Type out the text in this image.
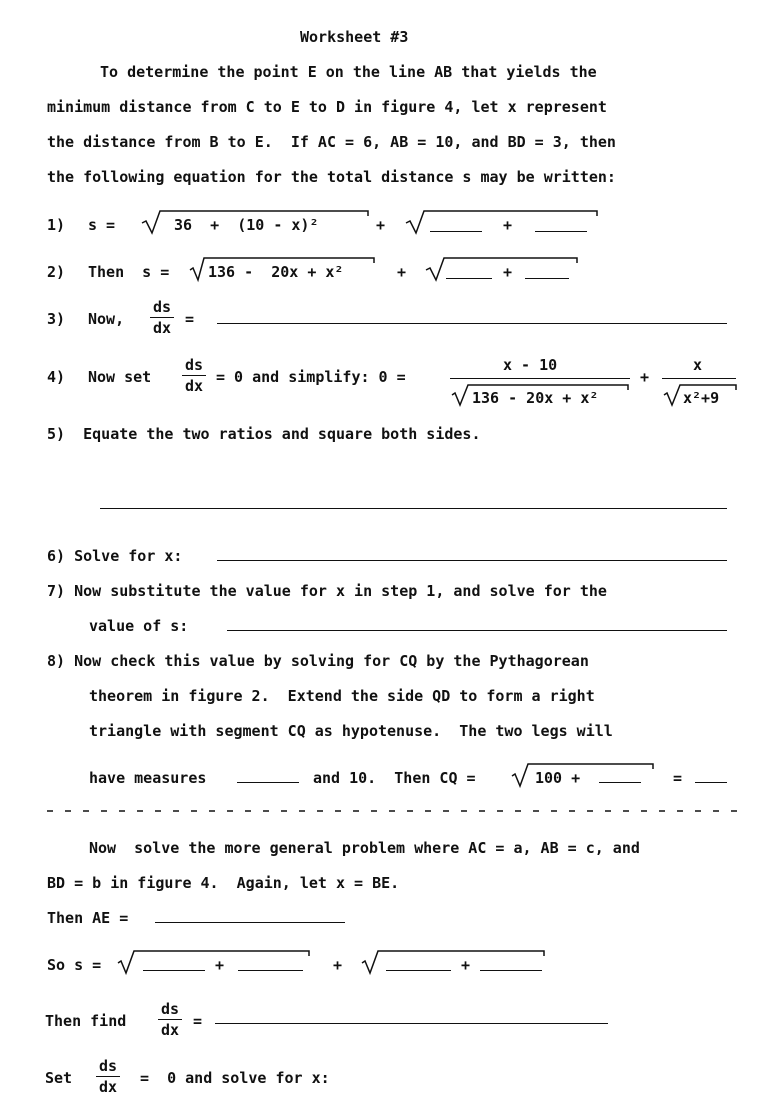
Worksheet #3
To determine the point E on the line AB that yields the
minimum distance from C to E to D in figure 4, let x represent
the distance from B to E.  If AC = 6, AB = 10, and BD = 3, then
the following equation for the total distance s may be written:
1) s =	36  +  (10 - x)²	+	+
2) Then  s =	136 -  20x + x²	+	+
3) Now,
ds
dx =
4) Now set
ds
dx = 0 and simplify: 0 =
x - 10
136 - 20x + x²
+
x
x²+9
5)  Equate the two ratios and square both sides.
6) Solve for x:
7) Now substitute the value for x in step 1, and solve for the
value of s:
8) Now check this value by solving for CQ by the Pythagorean
theorem in figure 2.  Extend the side QD to form a right
triangle with segment CQ as hypotenuse.  The two legs will
have measures	and 10.  Then CQ =	100 +	=
Now  solve the more general problem where AC = a, AB = c, and
BD = b in figure 4.  Again, let x = BE.
Then AE =
So s =	+	+	+
Then find
ds
dx =
Set
ds
dx =  0 and solve for x:
